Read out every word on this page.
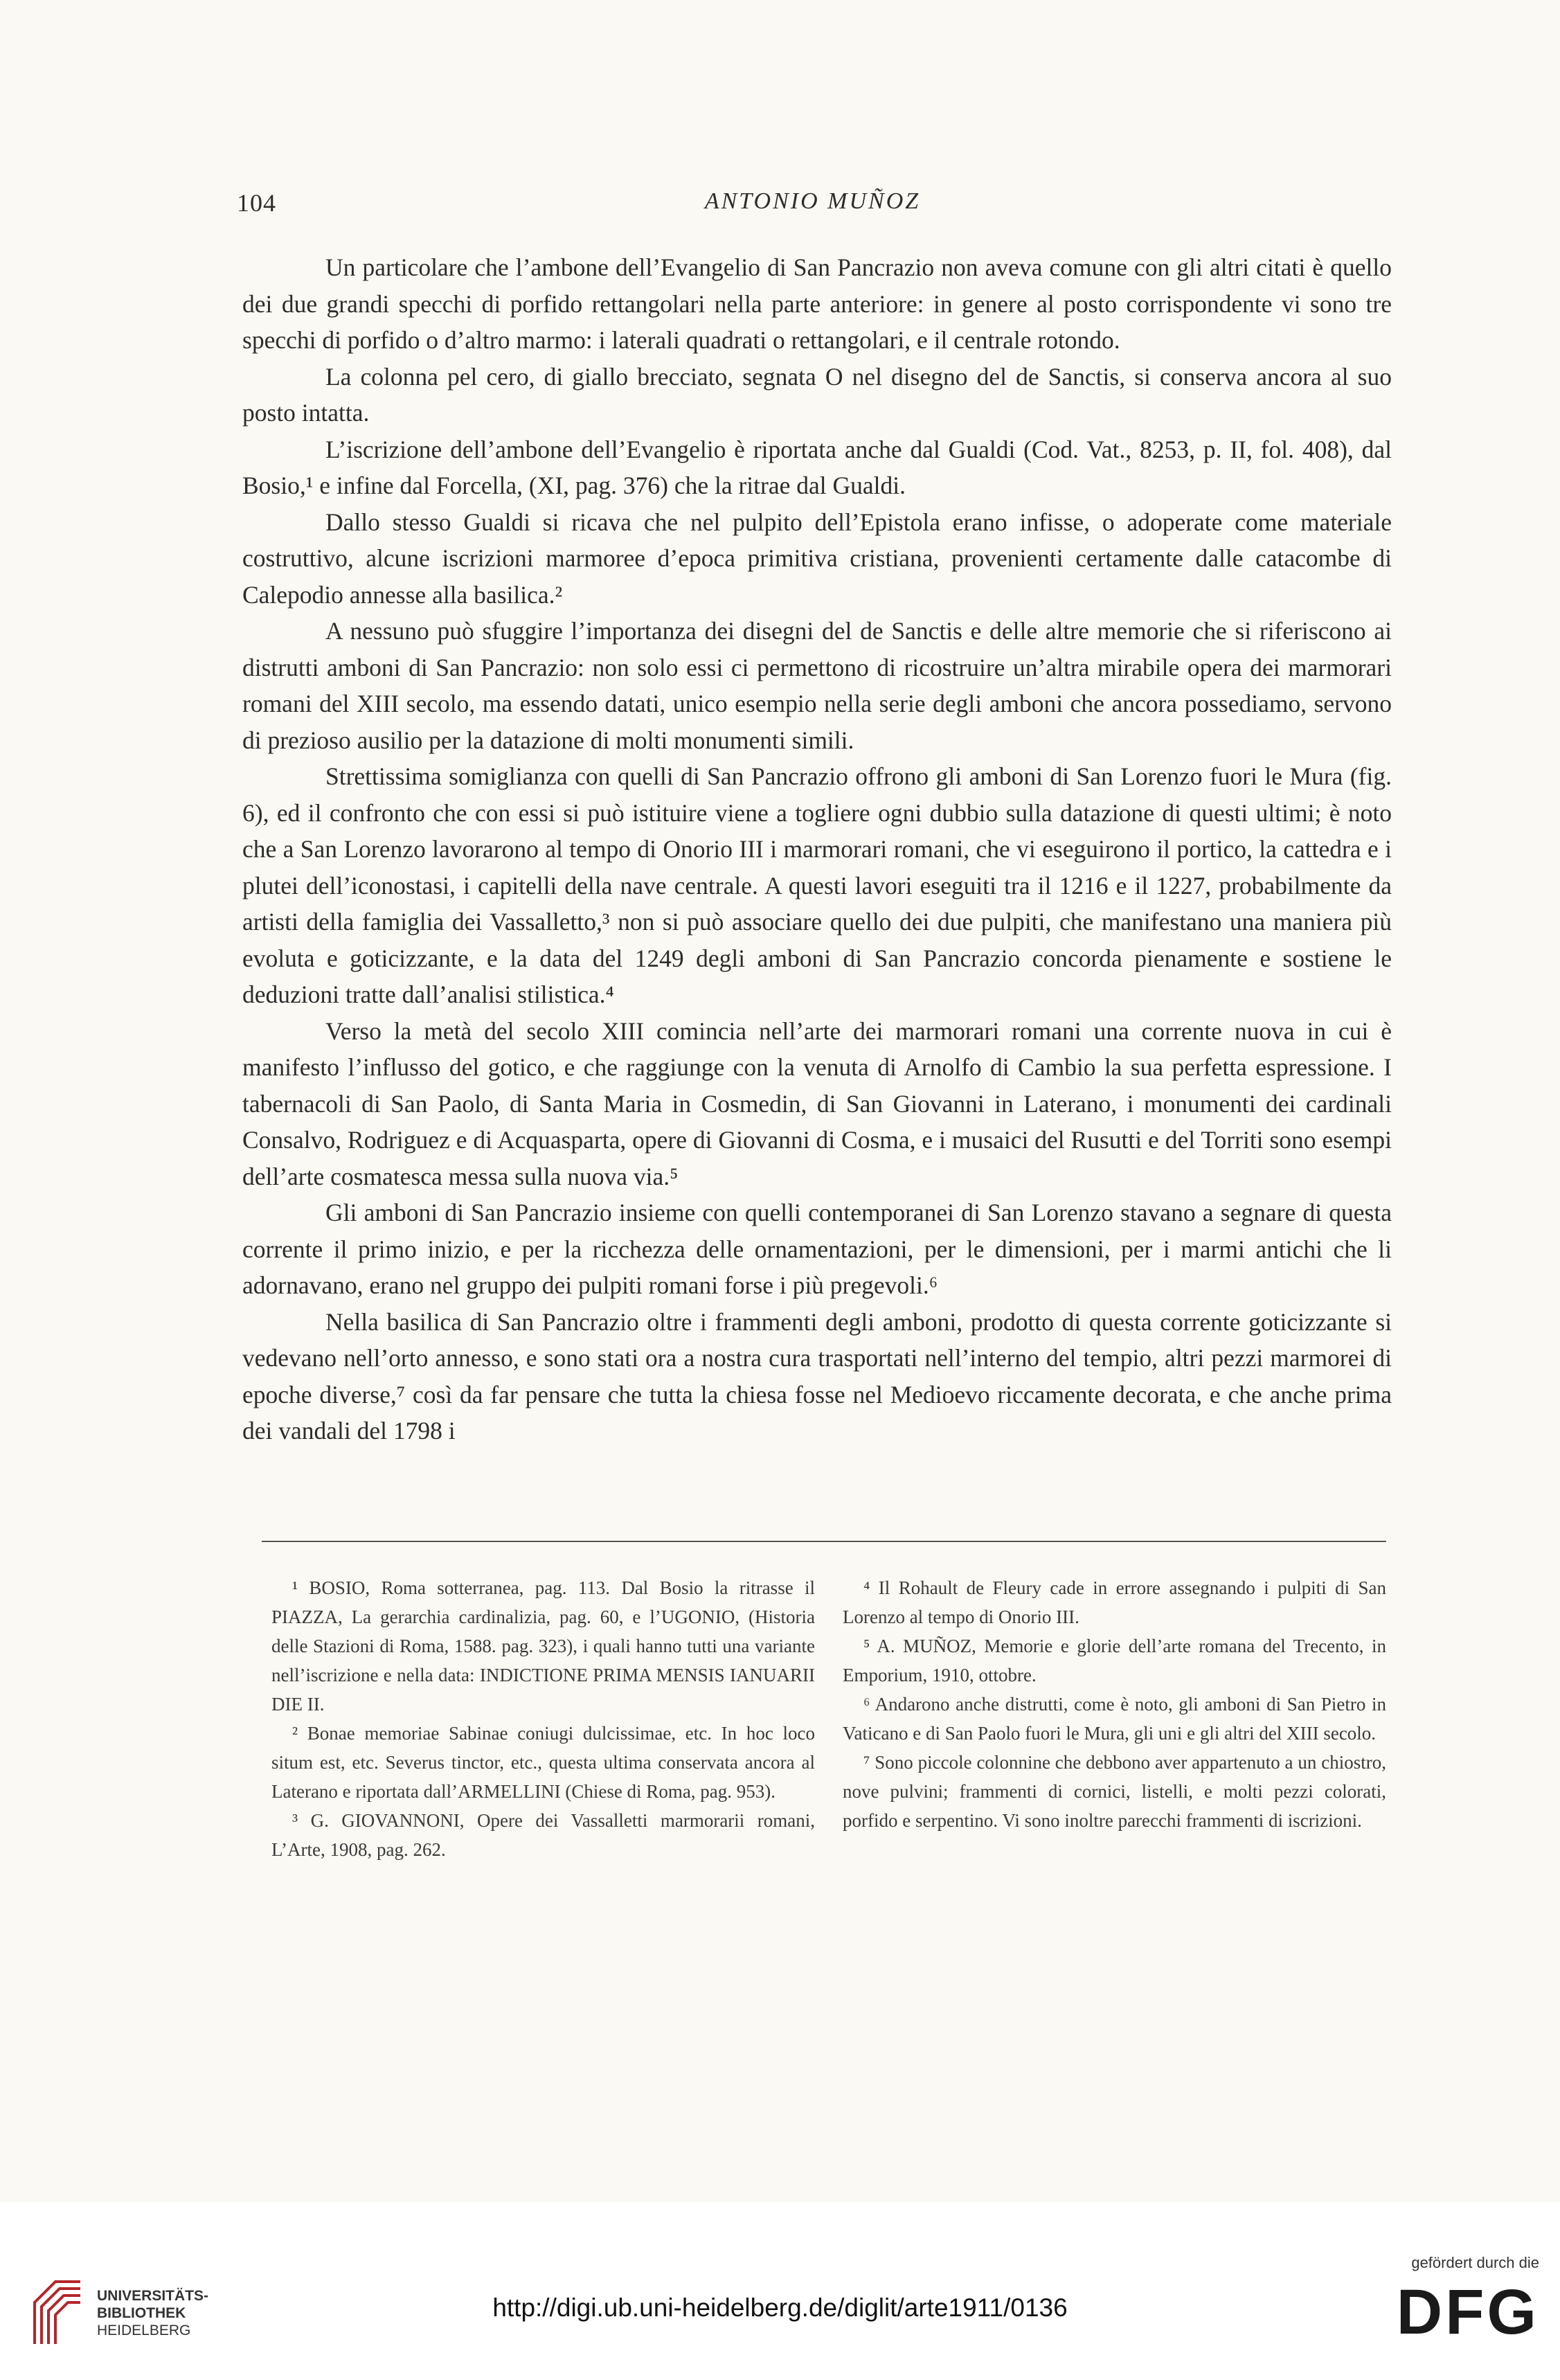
104	ANTONIO MUÑOZ

Un particolare che l’ambone dell’Evangelio di San Pancrazio non aveva comune con gli altri citati è quello dei due grandi specchi di porfido rettangolari nella parte anteriore: in genere al posto corrispondente vi sono tre specchi di porfido o d’altro marmo: i laterali quadrati o rettangolari, e il centrale rotondo.

La colonna pel cero, di giallo brecciato, segnata O nel disegno del de Sanctis, si conserva ancora al suo posto intatta.

L’iscrizione dell’ambone dell’Evangelio è riportata anche dal Gualdi (Cod. Vat., 8253, p. II, fol. 408), dal Bosio,¹ e infine dal Forcella, (XI, pag. 376) che la ritrae dal Gualdi.

Dallo stesso Gualdi si ricava che nel pulpito dell’Epistola erano infisse, o adoperate come materiale costruttivo, alcune iscrizioni marmoree d’epoca primitiva cristiana, provenienti certamente dalle catacombe di Calepodio annesse alla basilica.²

A nessuno può sfuggire l’importanza dei disegni del de Sanctis e delle altre memorie che si riferiscono ai distrutti amboni di San Pancrazio: non solo essi ci permettono di ricostruire un’altra mirabile opera dei marmorari romani del XIII secolo, ma essendo datati, unico esempio nella serie degli amboni che ancora possediamo, servono di prezioso ausilio per la datazione di molti monumenti simili.

Strettissima somiglianza con quelli di San Pancrazio offrono gli amboni di San Lorenzo fuori le Mura (fig. 6), ed il confronto che con essi si può istituire viene a togliere ogni dubbio sulla datazione di questi ultimi; è noto che a San Lorenzo lavorarono al tempo di Onorio III i marmorari romani, che vi eseguirono il portico, la cattedra e i plutei dell’iconostasi, i capitelli della nave centrale. A questi lavori eseguiti tra il 1216 e il 1227, probabilmente da artisti della famiglia dei Vassalletto,³ non si può associare quello dei due pulpiti, che manifestano una maniera più evoluta e goticizzante, e la data del 1249 degli amboni di San Pancrazio concorda pienamente e sostiene le deduzioni tratte dall’analisi stilistica.⁴

Verso la metà del secolo XIII comincia nell’arte dei marmorari romani una corrente nuova in cui è manifesto l’influsso del gotico, e che raggiunge con la venuta di Arnolfo di Cambio la sua perfetta espressione. I tabernacoli di San Paolo, di Santa Maria in Cosmedin, di San Giovanni in Laterano, i monumenti dei cardinali Consalvo, Rodriguez e di Acquasparta, opere di Giovanni di Cosma, e i musaici del Rusutti e del Torriti sono esempi dell’arte cosmatesca messa sulla nuova via.⁵

Gli amboni di San Pancrazio insieme con quelli contemporanei di San Lorenzo stavano a segnare di questa corrente il primo inizio, e per la ricchezza delle ornamentazioni, per le dimensioni, per i marmi antichi che li adornavano, erano nel gruppo dei pulpiti romani forse i più pregevoli.⁶

Nella basilica di San Pancrazio oltre i frammenti degli amboni, prodotto di questa corrente goticizzante si vedevano nell’orto annesso, e sono stati ora a nostra cura trasportati nell’interno del tempio, altri pezzi marmorei di epoche diverse,⁷ così da far pensare che tutta la chiesa fosse nel Medioevo riccamente decorata, e che anche prima dei vandali del 1798 i

¹ BOSIO, Roma sotterranea, pag. 113. Dal Bosio la ritrasse il PIAZZA, La gerarchia cardinalizia, pag. 60, e l’UGONIO, (Historia delle Stazioni di Roma, 1588. pag. 323), i quali hanno tutti una variante nell’iscrizione e nella data: INDICTIONE PRIMA MENSIS IANUARII DIE II.

² Bonae memoriae Sabinae coniugi dulcissimae, etc. In hoc loco situm est, etc. Severus tinctor, etc., questa ultima conservata ancora al Laterano e riportata dall’ARMELLINI (Chiese di Roma, pag. 953).

³ G. GIOVANNONI, Opere dei Vassalletti marmorarii romani, L’Arte, 1908, pag. 262.

⁴ Il Rohault de Fleury cade in errore assegnando i pulpiti di San Lorenzo al tempo di Onorio III.

⁵ A. MUÑOZ, Memorie e glorie dell’arte romana del Trecento, in Emporium, 1910, ottobre.

⁶ Andarono anche distrutti, come è noto, gli amboni di San Pietro in Vaticano e di San Paolo fuori le Mura, gli uni e gli altri del XIII secolo.

⁷ Sono piccole colonnine che debbono aver appartenuto a un chiostro, nove pulvini; frammenti di cornici, listelli, e molti pezzi colorati, porfido e serpentino. Vi sono inoltre parecchi frammenti di iscrizioni.

UNIVERSITÄTS-
BIBLIOTHEK
HEIDELBERG
http://digi.ub.uni-heidelberg.de/diglit/arte1911/0136
gefördert durch die
DFG
